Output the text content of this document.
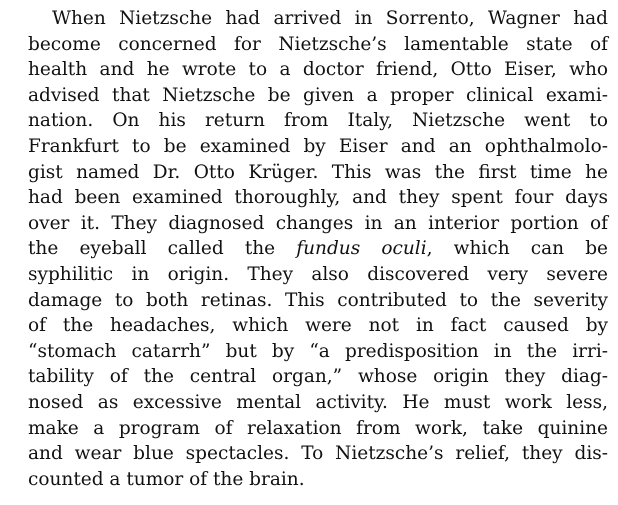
When Nietzsche had arrived in Sorrento, Wagner had
become concerned for Nietzsche’s lamentable state of
health and he wrote to a doctor friend, Otto Eiser, who
advised that Nietzsche be given a proper clinical exami-
nation. On his return from Italy, Nietzsche went to
Frankfurt to be examined by Eiser and an ophthalmolo-
gist named Dr. Otto Krüger. This was the first time he
had been examined thoroughly, and they spent four days
over it. They diagnosed changes in an interior portion of
the eyeball called the fundus oculi, which can be
syphilitic in origin. They also discovered very severe
damage to both retinas. This contributed to the severity
of the headaches, which were not in fact caused by
“stomach catarrh” but by “a predisposition in the irri-
tability of the central organ,” whose origin they diag-
nosed as excessive mental activity. He must work less,
make a program of relaxation from work, take quinine
and wear blue spectacles. To Nietzsche’s relief, they dis-
counted a tumor of the brain.
